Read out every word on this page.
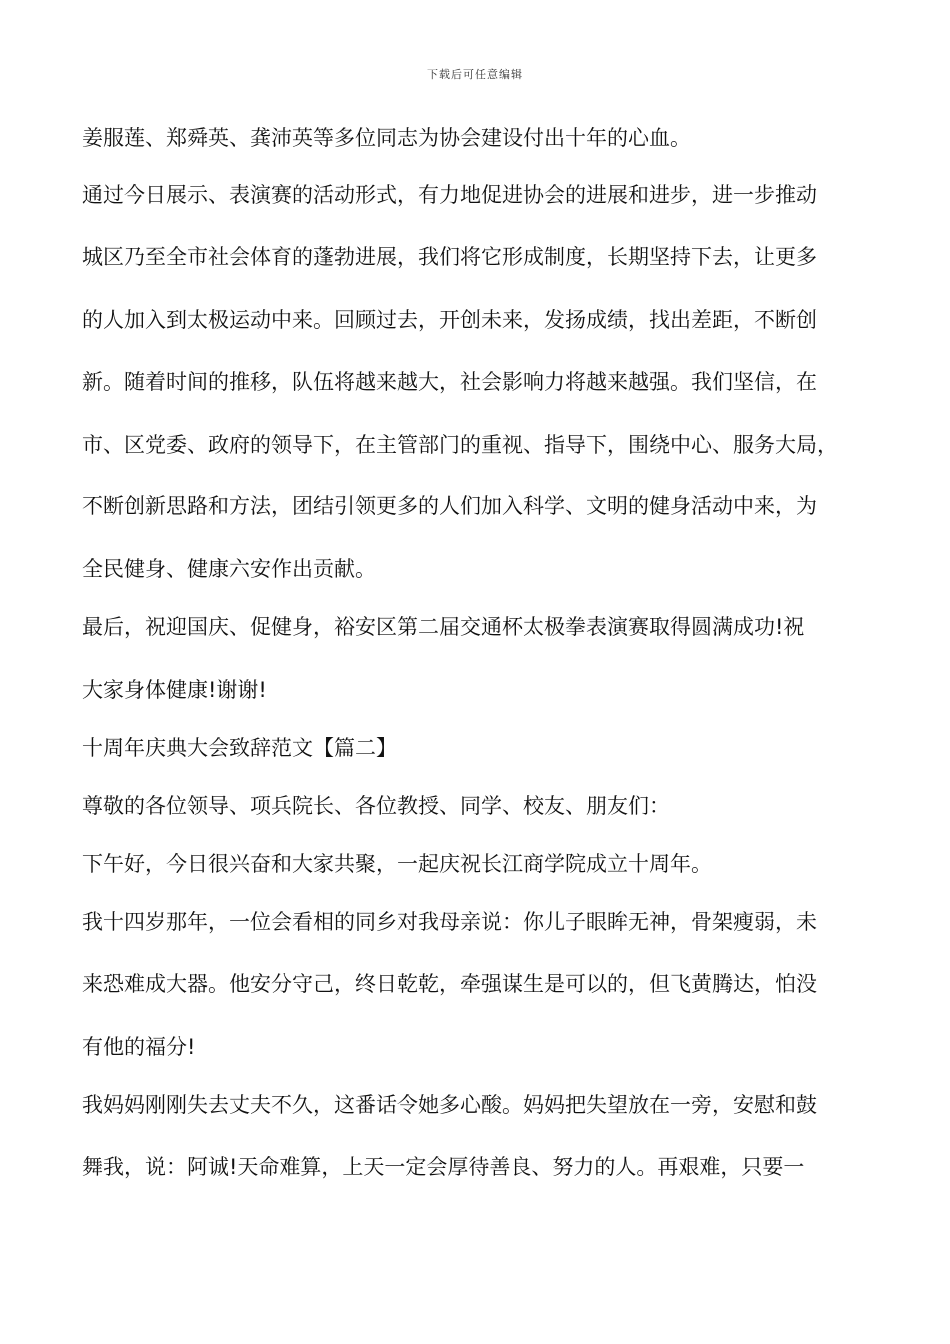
下载后可任意编辑
姜服莲、郑舜英、龚沛英等多位同志为协会建设付出十年的心血。
通过今日展示、表演赛的活动形式，有力地促进协会的进展和进步，进一步推动
城区乃至全市社会体育的蓬勃进展，我们将它形成制度，长期坚持下去，让更多
的人加入到太极运动中来。回顾过去，开创未来，发扬成绩，找出差距，不断创
新。随着时间的推移，队伍将越来越大，社会影响力将越来越强。我们坚信，在
市、区党委、政府的领导下，在主管部门的重视、指导下，围绕中心、服务大局，
不断创新思路和方法，团结引领更多的人们加入科学、文明的健身活动中来，为
全民健身、健康六安作出贡献。
最后，祝迎国庆、促健身，裕安区第二届交通杯太极拳表演赛取得圆满成功!祝
大家身体健康!谢谢!
十周年庆典大会致辞范文【篇二】
尊敬的各位领导、项兵院长、各位教授、同学、校友、朋友们：
下午好，今日很兴奋和大家共聚，一起庆祝长江商学院成立十周年。
我十四岁那年，一位会看相的同乡对我母亲说：你儿子眼眸无神，骨架瘦弱，未
来恐难成大器。他安分守己，终日乾乾，牵强谋生是可以的，但飞黄腾达，怕没
有他的福分!
我妈妈刚刚失去丈夫不久，这番话令她多心酸。妈妈把失望放在一旁，安慰和鼓
舞我，说：阿诚!天命难算，上天一定会厚待善良、努力的人。再艰难，只要一
